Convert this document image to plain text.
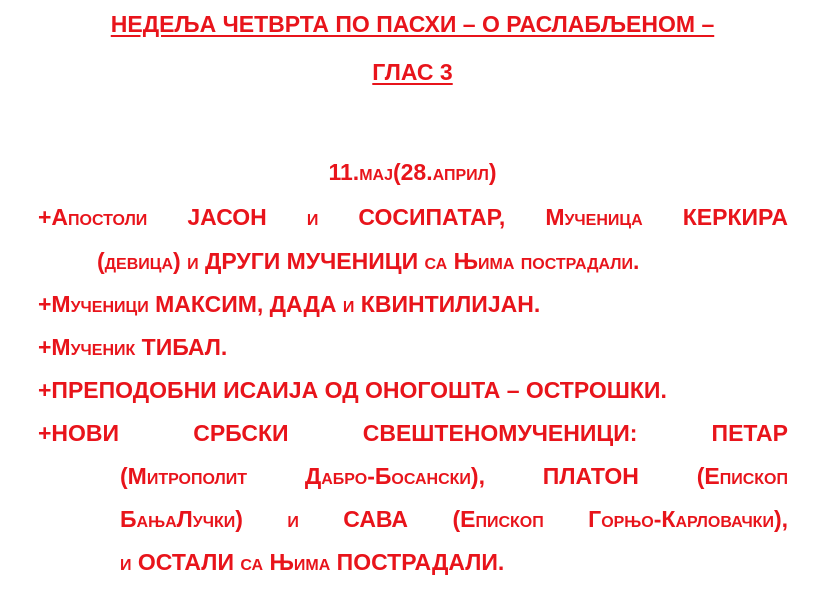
НЕДЕЉА ЧЕТВРТА ПО ПАСХИ – О РАСЛАБЉЕНОМ –
ГЛАС 3
11.мај(28.април)
+Апостоли ЈАСОН и СОСИПАТАР, Мученица КЕРКИРА
(девица) и ДРУГИ МУЧЕНИЦИ са Њима пострадали.
+Мученици МАКСИМ, ДАДА и КВИНТИЛИЈАН.
+Мученик ТИБАЛ.
+ПРЕПОДОБНИ ИСАИЈА ОД ОНОГОШТА – ОСТРОШКИ.
+НОВИ	СРБСКИ	СВЕШТЕНОМУЧЕНИЦИ:	ПЕТАР
(Митрополит	Дабро-Босански),	ПЛАТОН	(Епископ
БањаЛучки) и САВА (Епископ Горњо-Карловачки),
и ОСТАЛИ са Њима ПОСТРАДАЛИ.
